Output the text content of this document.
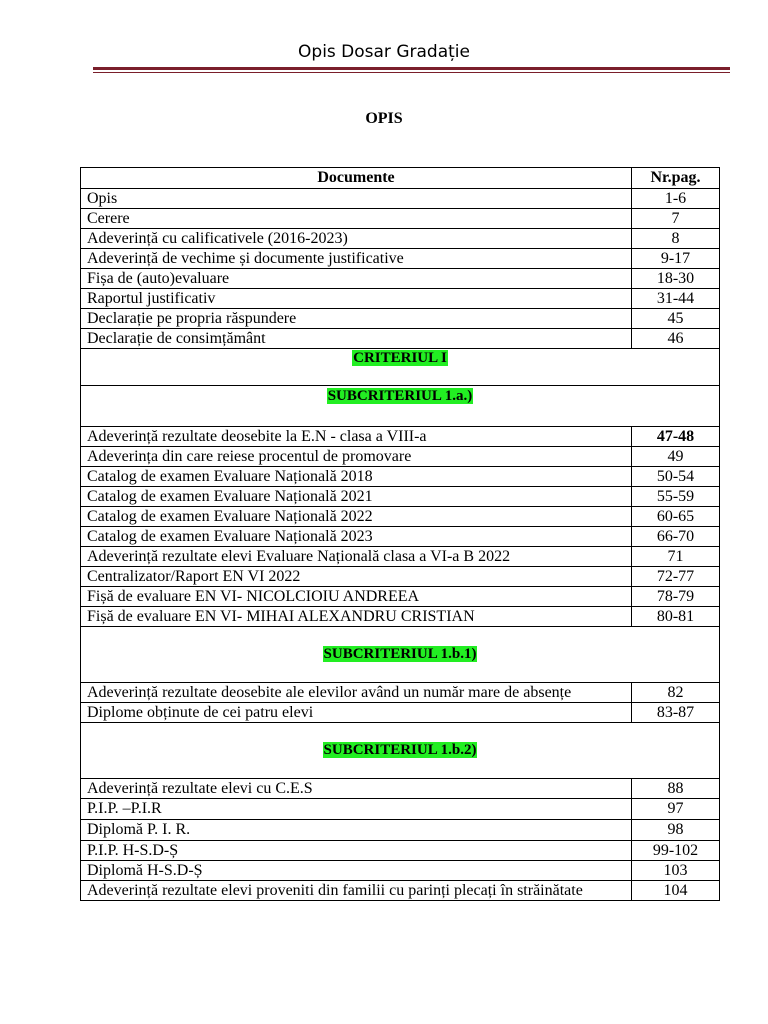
Opis Dosar Gradație
OPIS
Documente	Nr.pag.
Opis	1-6
Cerere	7
Adeverință cu calificativele (2016-2023)	8
Adeverință de vechime și documente justificative	9-17
Fișa de (auto)evaluare	18-30
Raportul justificativ	31-44
Declarație pe propria răspundere	45
Declarație de consimțământ	46
CRITERIUL I	
SUBCRITERIUL 1.a.)	
Adeverință rezultate deosebite la E.N - clasa a VIII-a	47-48
Adeverința din care reiese procentul de promovare	49
Catalog de examen Evaluare Națională 2018	50-54
Catalog de examen Evaluare Națională 2021	55-59
Catalog de examen Evaluare Națională 2022	60-65
Catalog de examen Evaluare Națională 2023	66-70
Adeverință rezultate elevi Evaluare Națională clasa a VI-a B 2022	71
Centralizator/Raport EN VI 2022	72-77
Fișă de evaluare EN VI- NICOLCIOIU ANDREEA	78-79
Fișă de evaluare EN VI- MIHAI ALEXANDRU CRISTIAN	80-81
SUBCRITERIUL 1.b.1)	
Adeverință rezultate deosebite ale elevilor având un număr mare de absențe	82
Diplome obținute de cei patru elevi	83-87
SUBCRITERIUL 1.b.2)	
Adeverință rezultate elevi cu C.E.S	88
P.I.P. –P.I.R	97
Diplomă P. I. R.	98
P.I.P. H-S.D-Ș	99-102
Diplomă H-S.D-Ș	103
Adeverință rezultate elevi proveniti din familii cu parinți plecați în străinătate	104
